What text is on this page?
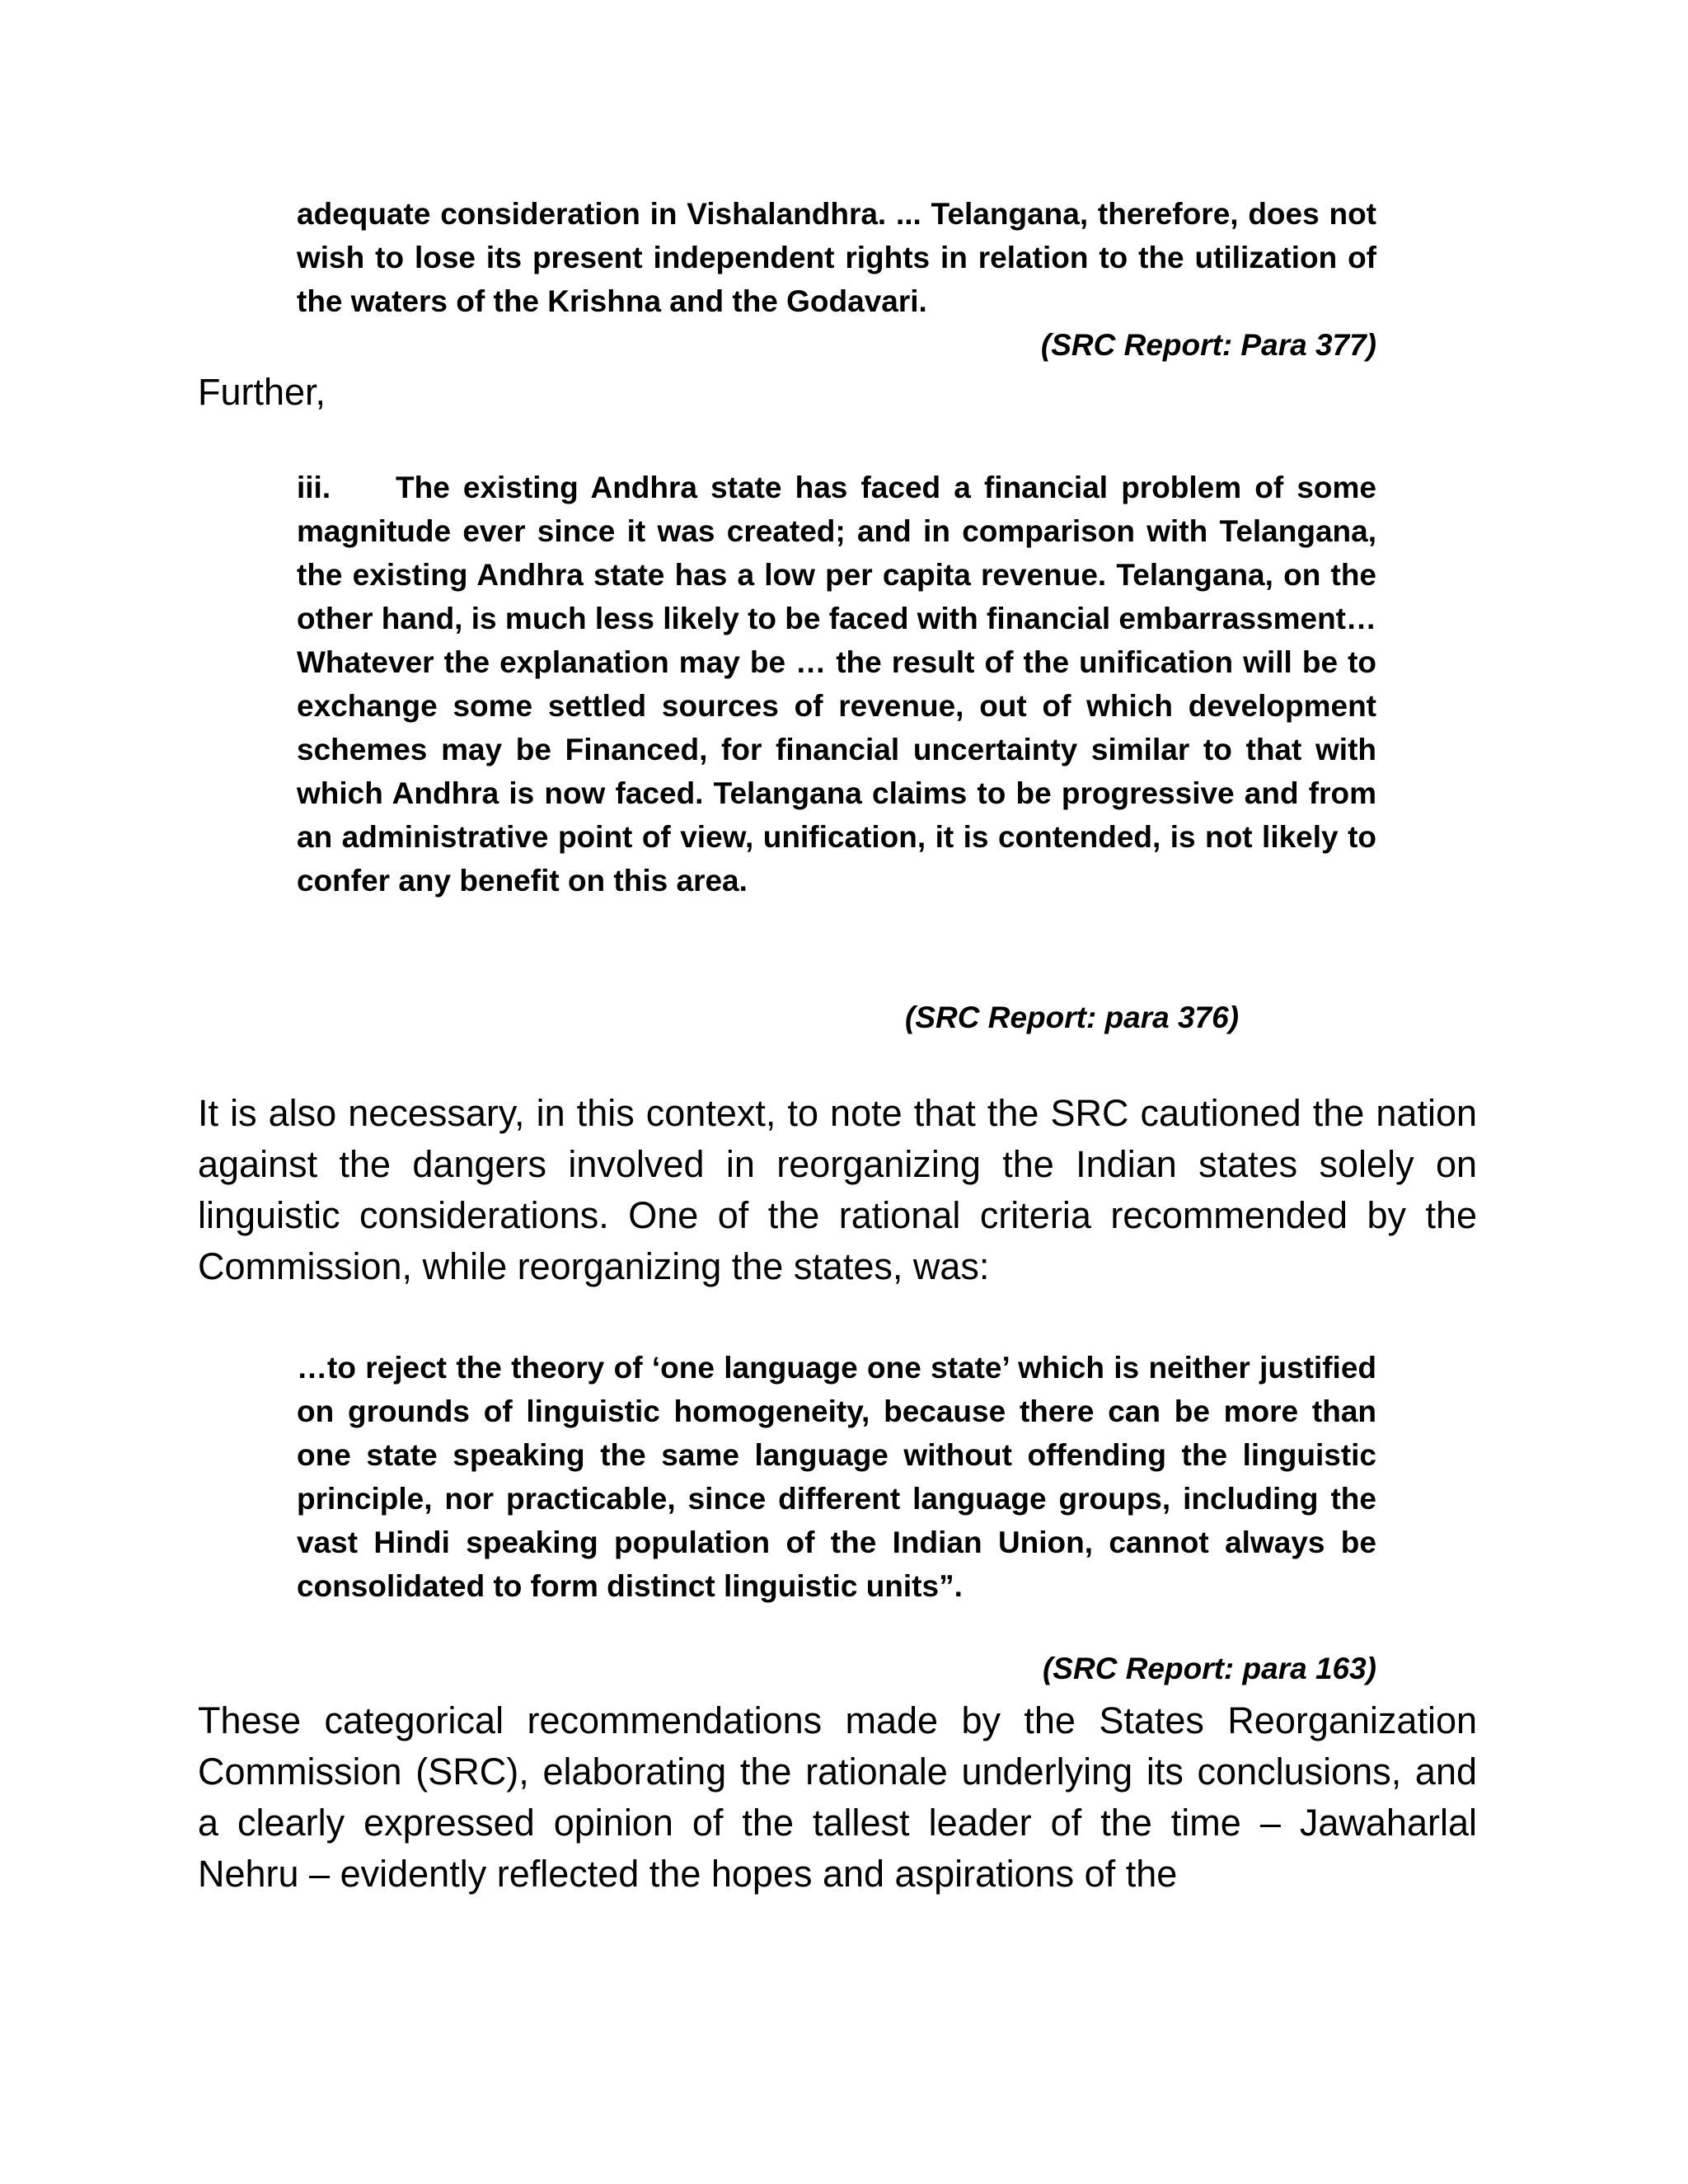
adequate consideration in Vishalandhra. ... Telangana, therefore, does not wish to lose its present independent rights in relation to the utilization of the waters of the Krishna and the Godavari.

(SRC Report: Para 377)
Further,

iii. The existing Andhra state has faced a financial problem of some magnitude ever since it was created; and in comparison with Telangana, the existing Andhra state has a low per capita revenue. Telangana, on the other hand, is much less likely to be faced with financial embarrassment… Whatever the explanation may be … the result of the unification will be to exchange some settled sources of revenue, out of which development schemes may be Financed, for financial uncertainty similar to that with which Andhra is now faced. Telangana claims to be progressive and from an administrative point of view, unification, it is contended, is not likely to confer any benefit on this area.

(SRC Report: para 376)

It is also necessary, in this context, to note that the SRC cautioned the nation against the dangers involved in reorganizing the Indian states solely on linguistic considerations. One of the rational criteria recommended by the Commission, while reorganizing the states, was:

…to reject the theory of ‘one language one state’ which is neither justified on grounds of linguistic homogeneity, because there can be more than one state speaking the same language without offending the linguistic principle, nor practicable, since different language groups, including the vast Hindi speaking population of the Indian Union, cannot always be consolidated to form distinct linguistic units”.

(SRC Report: para 163)

These categorical recommendations made by the States Reorganization Commission (SRC), elaborating the rationale underlying its conclusions, and a clearly expressed opinion of the tallest leader of the time – Jawaharlal Nehru – evidently reflected the hopes and aspirations of the
